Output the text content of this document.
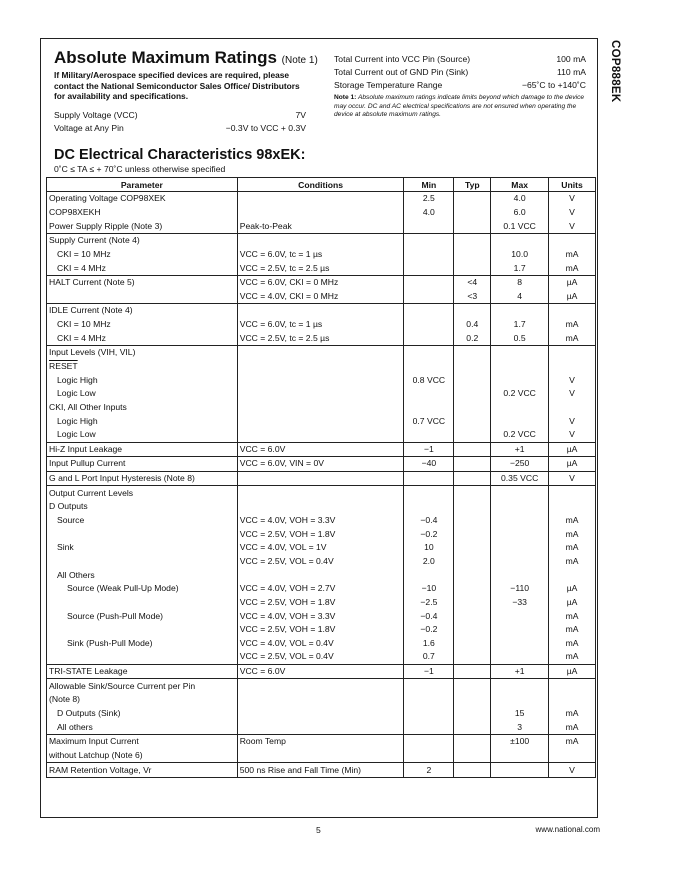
COP888EK
Absolute Maximum Ratings (Note 1)
If Military/Aerospace specified devices are required, please contact the National Semiconductor Sales Office/ Distributors for availability and specifications.
Supply Voltage (VCC)	7V
Voltage at Any Pin	−0.3V to VCC + 0.3V
Total Current into VCC Pin (Source)	100 mA
Total Current out of GND Pin (Sink)	110 mA
Storage Temperature Range	−65˚C to +140˚C
Note 1: Absolute maximum ratings indicate limits beyond which damage to the device may occur. DC and AC electrical specifications are not ensured when operating the device at absolute maximum ratings.
DC Electrical Characteristics 98xEK:
0˚C ≤ TA ≤ + 70˚C unless otherwise specified
Parameter	Conditions	Min	Typ	Max	Units
Operating Voltage COP98XEK		2.5		4.0	V
COP98XEKH		4.0		6.0	V
Power Supply Ripple (Note 3)	Peak-to-Peak			0.1 VCC	V
Supply Current (Note 4)					
CKI = 10 MHz	VCC = 6.0V, tc = 1 µs			10.0	mA
CKI = 4 MHz	VCC = 2.5V, tc = 2.5 µs			1.7	mA
HALT Current (Note 5)	VCC = 6.0V, CKI = 0 MHz		<4	8	µA
	VCC = 4.0V, CKI = 0 MHz		<3	4	µA
IDLE Current (Note 4)					
CKI = 10 MHz	VCC = 6.0V, tc = 1 µs		0.4	1.7	mA
CKI = 4 MHz	VCC = 2.5V, tc = 2.5 µs		0.2	0.5	mA
Input Levels (VIH, VIL)					
RESET					
Logic High		0.8 VCC			V
Logic Low				0.2 VCC	V
CKI, All Other Inputs					
Logic High		0.7 VCC			V
Logic Low				0.2 VCC	V
Hi-Z Input Leakage	VCC = 6.0V	−1		+1	µA
Input Pullup Current	VCC = 6.0V, VIN = 0V	−40		−250	µA
G and L Port Input Hysteresis (Note 8)				0.35 VCC	V
Output Current Levels					
D Outputs					
Source	VCC = 4.0V, VOH = 3.3V	−0.4			mA
	VCC = 2.5V, VOH = 1.8V	−0.2			mA
Sink	VCC = 4.0V, VOL = 1V	10			mA
	VCC = 2.5V, VOL = 0.4V	2.0			mA
All Others					
Source (Weak Pull-Up Mode)	VCC = 4.0V, VOH = 2.7V	−10		−110	µA
	VCC = 2.5V, VOH = 1.8V	−2.5		−33	µA
Source (Push-Pull Mode)	VCC = 4.0V, VOH = 3.3V	−0.4			mA
	VCC = 2.5V, VOH = 1.8V	−0.2			mA
Sink (Push-Pull Mode)	VCC = 4.0V, VOL = 0.4V	1.6			mA
	VCC = 2.5V, VOL = 0.4V	0.7			mA
TRI-STATE Leakage	VCC = 6.0V	−1		+1	µA
Allowable Sink/Source Current per Pin					
(Note 8)					
D Outputs (Sink)				15	mA
All others				3	mA
Maximum Input Current	Room Temp			±100	mA
without Latchup (Note 6)					
RAM Retention Voltage, Vr	500 ns Rise and Fall Time (Min)	2			V
5	www.national.com
